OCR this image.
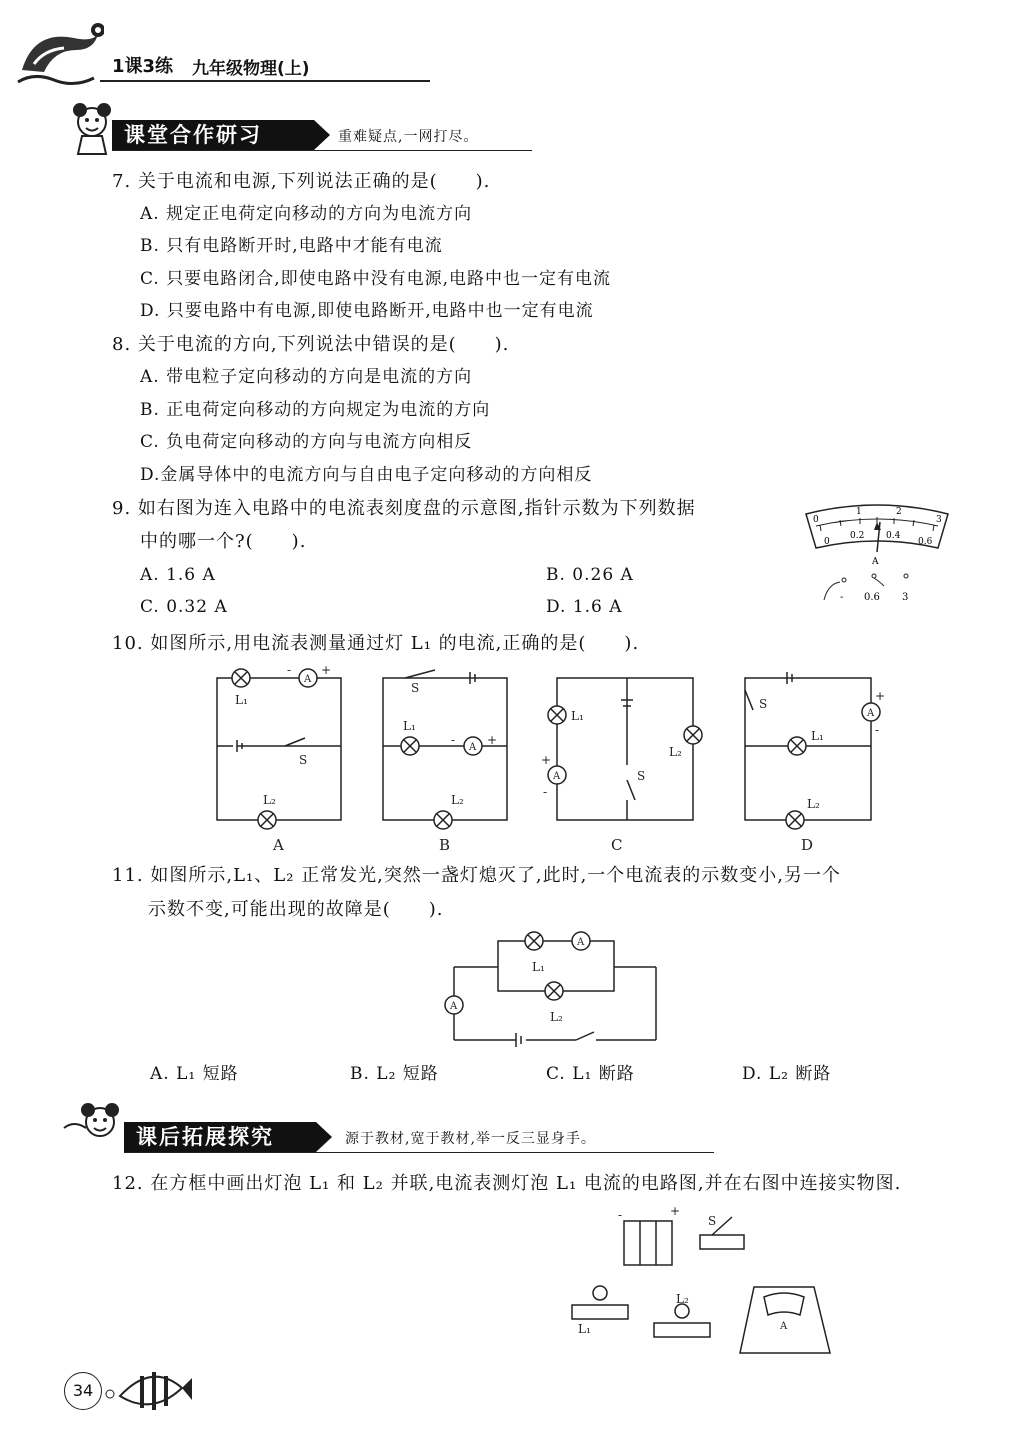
1课3练 九年级物理(上)
课堂合作研习	重难疑点,一网打尽。
7. 关于电流和电源,下列说法正确的是(　　).
A. 规定正电荷定向移动的方向为电流方向
B. 只有电路断开时,电路中才能有电流
C. 只要电路闭合,即使电路中没有电源,电路中也一定有电流
D. 只要电路中有电源,即使电路断开,电路中也一定有电流
8. 关于电流的方向,下列说法中错误的是(　　).
A. 带电粒子定向移动的方向是电流的方向
B. 正电荷定向移动的方向规定为电流的方向
C. 负电荷定向移动的方向与电流方向相反
D.金属导体中的电流方向与自由电子定向移动的方向相反
9. 如右图为连入电路中的电流表刻度盘的示意图,指针示数为下列数据
中的哪一个?(　　).
A. 1.6 A	B. 0.26 A
C. 0.32 A	D. 1.6 A
0
1	2
3
0
0.2 0.4
0.6
A
- 0.6 3
10. 如图所示,用电流表测量通过灯 L₁ 的电流,正确的是(　　).
A
- +
L₁
S
L₂
S
L₁
-
A
+
L₂
L₁
+
A
-
S
L₂
S
+
A
-
L₁
L₂
A	B	C	D
11. 如图所示,L₁、L₂ 正常发光,突然一盏灯熄灭了,此时,一个电流表的示数变小,另一个
示数不变,可能出现的故障是(　　).
A
A
L₁
L₂
A. L₁ 短路	B. L₂ 短路	C. L₁ 断路	D. L₂ 断路
课后拓展探究	源于教材,宽于教材,举一反三显身手。
12. 在方框中画出灯泡 L₁ 和 L₂ 并联,电流表测灯泡 L₁ 电流的电路图,并在右图中连接实物图.
-	+
S
L₁
L₂
A
34
